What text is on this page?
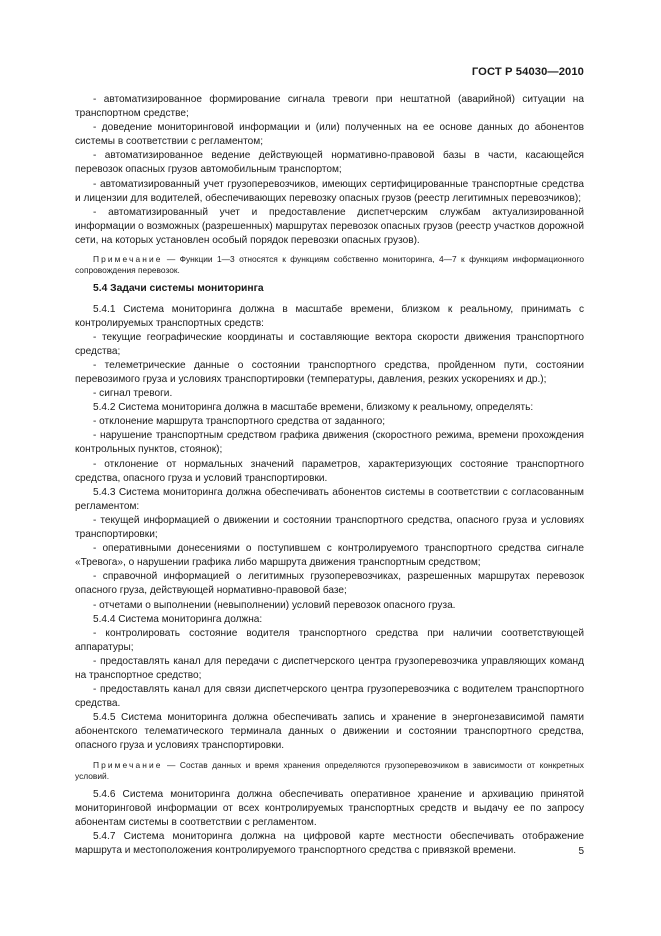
ГОСТ Р 54030—2010

- автоматизированное формирование сигнала тревоги при нештатной (аварийной) ситуации на транспортном средстве;

- доведение мониторинговой информации и (или) полученных на ее основе данных до абонентов системы в соответствии с регламентом;

- автоматизированное ведение действующей нормативно-правовой базы в части, касающейся перевозок опасных грузов автомобильным транспортом;

- автоматизированный учет грузоперевозчиков, имеющих сертифицированные транспортные средства и лицензии для водителей, обеспечивающих перевозку опасных грузов (реестр легитимных перевозчиков);

- автоматизированный учет и предоставление диспетчерским службам актуализированной информации о возможных (разрешенных) маршрутах перевозок опасных грузов (реестр участков дорожной сети, на которых установлен особый порядок перевозки опасных грузов).

Примечание — Функции 1—3 относятся к функциям собственно мониторинга, 4—7 к функциям информационного сопровождения перевозок.

5.4 Задачи системы мониторинга

5.4.1 Система мониторинга должна в масштабе времени, близком к реальному, принимать с контролируемых транспортных средств:

- текущие географические координаты и составляющие вектора скорости движения транспортного средства;

- телеметрические данные о состоянии транспортного средства, пройденном пути, состоянии перевозимого груза и условиях транспортировки (температуры, давления, резких ускорениях и др.);

- сигнал тревоги.

5.4.2 Система мониторинга должна в масштабе времени, близкому к реальному, определять:

- отклонение маршрута транспортного средства от заданного;

- нарушение транспортным средством графика движения (скоростного режима, времени прохождения контрольных пунктов, стоянок);

- отклонение от нормальных значений параметров, характеризующих состояние транспортного средства, опасного груза и условий транспортировки.

5.4.3 Система мониторинга должна обеспечивать абонентов системы в соответствии с согласованным регламентом:

- текущей информацией о движении и состоянии транспортного средства, опасного груза и условиях транспортировки;

- оперативными донесениями о поступившем с контролируемого транспортного средства сигнале «Тревога», о нарушении графика либо маршрута движения транспортным средством;

- справочной информацией о легитимных грузоперевозчиках, разрешенных маршрутах перевозок опасного груза, действующей нормативно-правовой базе;

- отчетами о выполнении (невыполнении) условий перевозок опасного груза.

5.4.4 Система мониторинга должна:

- контролировать состояние водителя транспортного средства при наличии соответствующей аппаратуры;

- предоставлять канал для передачи с диспетчерского центра грузоперевозчика управляющих команд на транспортное средство;

- предоставлять канал для связи диспетчерского центра грузоперевозчика с водителем транспортного средства.

5.4.5 Система мониторинга должна обеспечивать запись и хранение в энергонезависимой памяти абонентского телематического терминала данных о движении и состоянии транспортного средства, опасного груза и условиях транспортировки.

Примечание — Состав данных и время хранения определяются грузоперевозчиком в зависимости от конкретных условий.

5.4.6 Система мониторинга должна обеспечивать оперативное хранение и архивацию принятой мониторинговой информации от всех контролируемых транспортных средств и выдачу ее по запросу абонентам системы в соответствии с регламентом.

5.4.7 Система мониторинга должна на цифровой карте местности обеспечивать отображение маршрута и местоположения контролируемого транспортного средства с привязкой времени.	5
